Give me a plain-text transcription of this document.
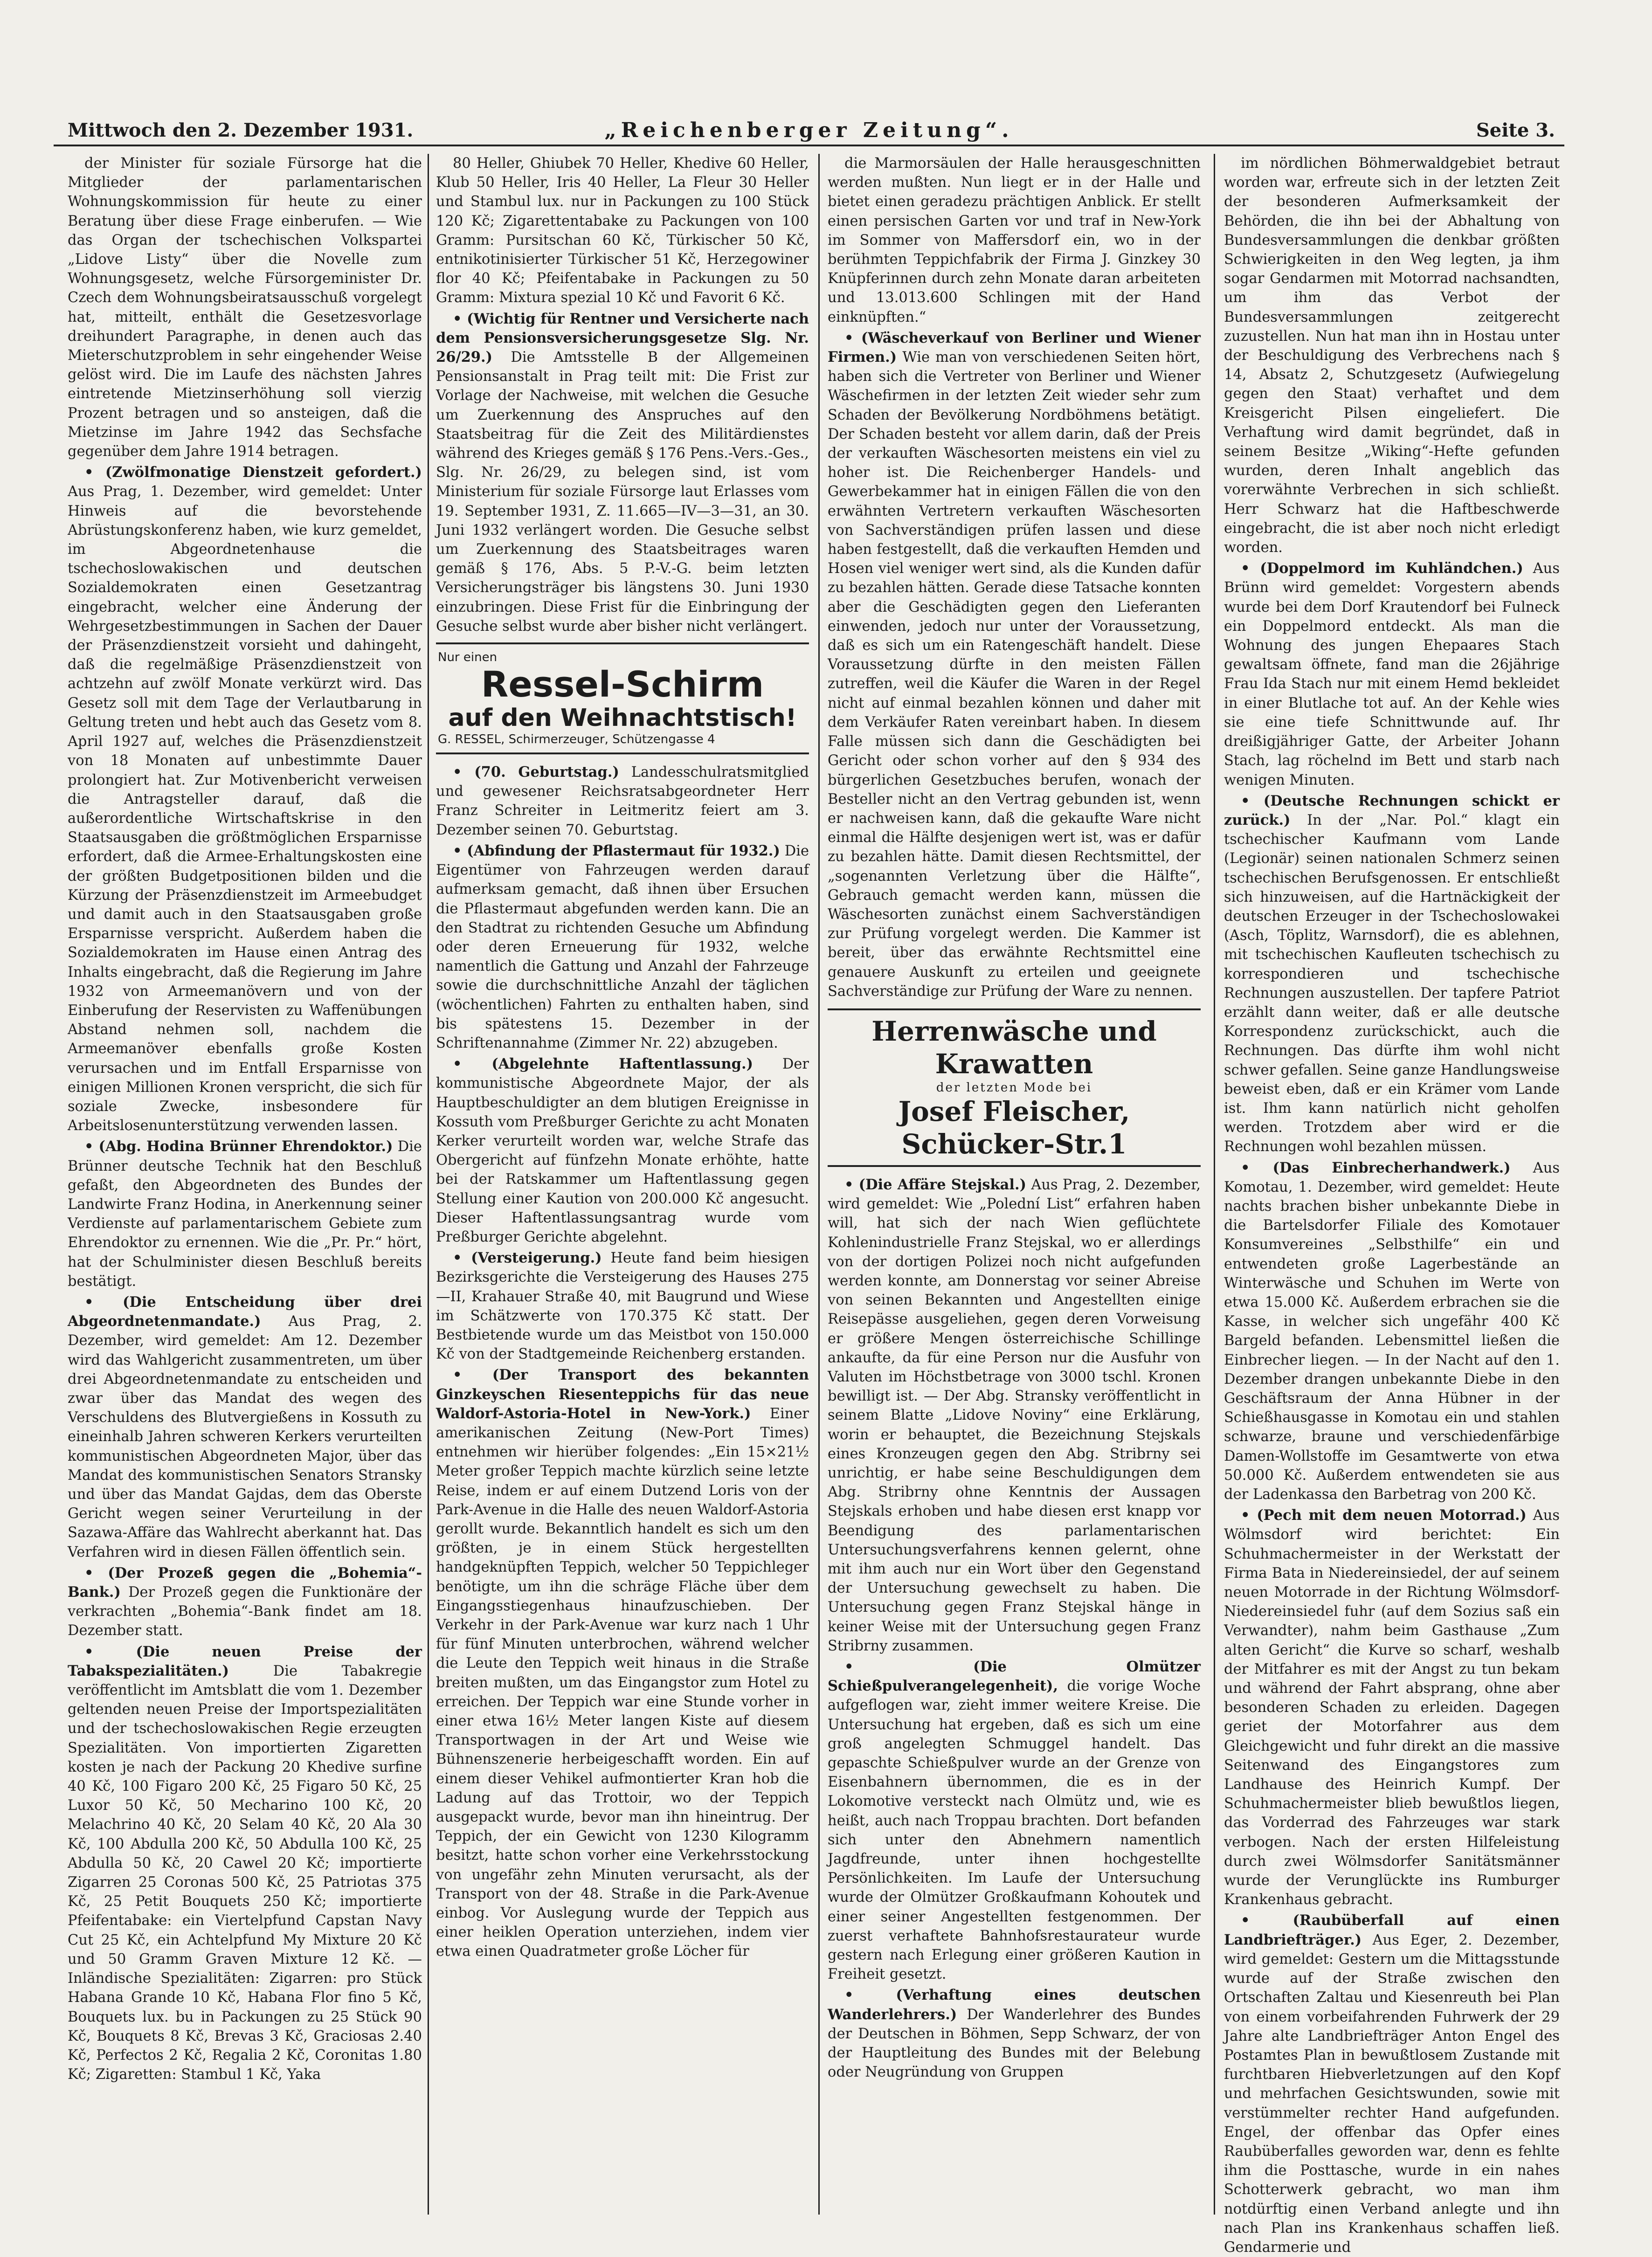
Mittwoch den 2. Dezember 1931.	„Reichenberger Zeitung“.	Seite 3.

der Minister für soziale Fürsorge hat die Mitglieder der parlamentarischen Wohnungskommission für heute zu einer Beratung über diese Frage einberufen. — Wie das Organ der tschechischen Volkspartei „Lidove Listy“ über die Novelle zum Wohnungsgesetz, welche Fürsorgeminister Dr. Czech dem Wohnungsbeiratsausschuß vorgelegt hat, mitteilt, enthält die Gesetzesvorlage dreihundert Paragraphe, in denen auch das Mieterschutzproblem in sehr eingehender Weise gelöst wird. Die im Laufe des nächsten Jahres eintretende Mietzinserhöhung soll vierzig Prozent betragen und so ansteigen, daß die Mietzinse im Jahre 1942 das Sechsfache gegenüber dem Jahre 1914 betragen.

• (Zwölfmonatige Dienstzeit gefordert.) Aus Prag, 1. Dezember, wird gemeldet: Unter Hinweis auf die bevorstehende Abrüstungskonferenz haben, wie kurz gemeldet, im Abgeordnetenhause die tschechoslowakischen und deutschen Sozialdemokraten einen Gesetzantrag eingebracht, welcher eine Änderung der Wehrgesetzbestimmungen in Sachen der Dauer der Präsenzdienstzeit vorsieht und dahingeht, daß die regelmäßige Präsenzdienstzeit von achtzehn auf zwölf Monate verkürzt wird. Das Gesetz soll mit dem Tage der Verlautbarung in Geltung treten und hebt auch das Gesetz vom 8. April 1927 auf, welches die Präsenzdienstzeit von 18 Monaten auf unbestimmte Dauer prolongiert hat. Zur Motivenbericht verweisen die Antragsteller darauf, daß die außerordentliche Wirtschaftskrise in den Staatsausgaben die größtmöglichen Ersparnisse erfordert, daß die Armee-Erhaltungskosten eine der größten Budgetpositionen bilden und die Kürzung der Präsenzdienstzeit im Armeebudget und damit auch in den Staatsausgaben große Ersparnisse verspricht. Außerdem haben die Sozialdemokraten im Hause einen Antrag des Inhalts eingebracht, daß die Regierung im Jahre 1932 von Armeemanövern und von der Einberufung der Reservisten zu Waffenübungen Abstand nehmen soll, nachdem die Armeemanöver ebenfalls große Kosten verursachen und im Entfall Ersparnisse von einigen Millionen Kronen verspricht, die sich für soziale Zwecke, insbesondere für Arbeitslosenunterstützung verwenden lassen.

• (Abg. Hodina Brünner Ehrendoktor.) Die Brünner deutsche Technik hat den Beschluß gefaßt, den Abgeordneten des Bundes der Landwirte Franz Hodina, in Anerkennung seiner Verdienste auf parlamentarischem Gebiete zum Ehrendoktor zu ernennen. Wie die „Pr. Pr.“ hört, hat der Schulminister diesen Beschluß bereits bestätigt.

• (Die Entscheidung über drei Abgeordnetenmandate.) Aus Prag, 2. Dezember, wird gemeldet: Am 12. Dezember wird das Wahlgericht zusammentreten, um über drei Abgeordnetenmandate zu entscheiden und zwar über das Mandat des wegen des Verschuldens des Blutvergießens in Kossuth zu eineinhalb Jahren schweren Kerkers verurteilten kommunistischen Abgeordneten Major, über das Mandat des kommunistischen Senators Stransky und über das Mandat Gajdas, dem das Oberste Gericht wegen seiner Verurteilung in der Sazawa-Affäre das Wahlrecht aberkannt hat. Das Verfahren wird in diesen Fällen öffentlich sein.

• (Der Prozeß gegen die „Bohemia“-Bank.) Der Prozeß gegen die Funktionäre der verkrachten „Bohemia“-Bank findet am 18. Dezember statt.

• (Die neuen Preise der Tabakspezialitäten.)	Die Tabakregie veröffentlicht im Amtsblatt die vom 1. Dezember geltenden neuen Preise der Importspezialitäten und der tschechoslowakischen Regie erzeugten Spezialitäten. Von importierten Zigaretten kosten je nach der Packung 20 Khedive surfine 40 Kč, 100 Figaro 200 Kč, 25 Figaro 50 Kč, 25 Luxor 50 Kč, 50 Mecharino 100 Kč, 20 Melachrino 40 Kč, 20 Selam 40 Kč, 20 Ala 30 Kč, 100 Abdulla 200 Kč, 50 Abdulla 100 Kč, 25 Abdulla 50 Kč, 20 Cawel 20 Kč; importierte Zigarren 25 Coronas 500 Kč, 25 Patriotas 375 Kč, 25 Petit Bouquets 250 Kč; importierte Pfeifentabake: ein Viertelpfund Capstan Navy Cut 25 Kč, ein Achtelpfund My Mixture 20 Kč und 50 Gramm Graven Mixture 12 Kč. — Inländische Spezialitäten: Zigarren: pro Stück Habana Grande 10 Kč, Habana Flor fino 5 Kč, Bouquets lux. bu in Packungen zu 25 Stück 90 Kč, Bouquets 8 Kč, Brevas 3 Kč, Graciosas 2.40 Kč, Perfectos 2 Kč, Regalia 2 Kč, Coronitas 1.80 Kč; Zigaretten: Stambul 1 Kč, Yaka

80 Heller, Ghiubek 70 Heller, Khedive 60 Heller, Klub 50 Heller, Iris 40 Heller, La Fleur 30 Heller und Stambul lux. nur in Packungen zu 100 Stück 120 Kč; Zigarettentabake zu Packungen von 100 Gramm: Pursitschan 60 Kč, Türkischer 50 Kč, entnikotinisierter Türkischer 51 Kč, Herzegowiner flor 40 Kč; Pfeifentabake in Packungen zu 50 Gramm: Mixtura spezial 10 Kč und Favorit 6 Kč.

• (Wichtig für Rentner und Versicherte nach dem Pensionsversicherungsgesetze Slg. Nr. 26/29.) Die Amtsstelle B der Allgemeinen Pensionsanstalt in Prag teilt mit: Die Frist zur Vorlage der Nachweise, mit welchen die Gesuche um Zuerkennung des Anspruches auf den Staatsbeitrag für die Zeit des Militärdienstes während des Krieges gemäß § 176 Pens.-Vers.-Ges., Slg. Nr. 26/29, zu belegen sind, ist vom Ministerium für soziale Fürsorge laut Erlasses vom 19. September 1931, Z. 11.665—IV—3—31, an 30. Juni 1932 verlängert worden. Die Gesuche selbst um Zuerkennung des Staatsbeitrages waren gemäß § 176, Abs. 5 P.-V.-G. beim letzten Versicherungsträger bis längstens 30. Juni 1930 einzubringen. Diese Frist für die Einbringung der Gesuche selbst wurde aber bisher nicht verlängert.

Nur einen
Ressel-Schirm
auf den Weihnachtstisch!
G. RESSEL, Schirmerzeuger, Schützengasse 4

• (70. Geburtstag.) Landesschulratsmitglied und gewesener Reichsratsabgeordneter Herr Franz Schreiter in Leitmeritz feiert am 3. Dezember seinen 70. Geburtstag.

• (Abfindung der Pflastermaut für 1932.) Die Eigentümer von Fahrzeugen werden darauf aufmerksam gemacht, daß ihnen über Ersuchen die Pflastermaut abgefunden werden kann. Die an den Stadtrat zu richtenden Gesuche um Abfindung oder deren Erneuerung für 1932, welche namentlich die Gattung und Anzahl der Fahrzeuge sowie die durchschnittliche Anzahl der täglichen (wöchentlichen) Fahrten zu enthalten haben, sind bis spätestens 15. Dezember in der Schriftenannahme (Zimmer Nr. 22) abzugeben.

• (Abgelehnte Haftentlassung.) Der kommunistische Abgeordnete Major, der als Hauptbeschuldigter an dem blutigen Ereignisse in Kossuth vom Preßburger Gerichte zu acht Monaten Kerker verurteilt worden war, welche Strafe das Obergericht auf fünfzehn Monate erhöhte, hatte bei der Ratskammer um Haftentlassung gegen Stellung einer Kaution von 200.000 Kč angesucht. Dieser Haftentlassungsantrag wurde vom Preßburger Gerichte abgelehnt.

• (Versteigerung.) Heute fand beim hiesigen Bezirksgerichte die Versteigerung des Hauses 275—II, Krahauer Straße 40, mit Baugrund und Wiese im Schätzwerte von 170.375 Kč statt. Der Bestbietende wurde um das Meistbot von 150.000 Kč von der Stadtgemeinde Reichenberg erstanden.

• (Der Transport des bekannten Ginzkeyschen Riesenteppichs für das neue Waldorf-Astoria-Hotel in New-York.) Einer amerikanischen Zeitung (New-Port Times) entnehmen wir hierüber folgendes: „Ein 15×21½ Meter großer Teppich machte kürzlich seine letzte Reise, indem er auf einem Dutzend Loris von der Park-Avenue in die Halle des neuen Waldorf-Astoria gerollt wurde. Bekanntlich handelt es sich um den größten, je in einem Stück hergestellten handgeknüpften Teppich, welcher 50 Teppichleger benötigte, um ihn die schräge Fläche über dem Eingangsstiegenhaus hinaufzuschieben. Der Verkehr in der Park-Avenue war kurz nach 1 Uhr für fünf Minuten unterbrochen, während welcher die Leute den Teppich weit hinaus in die Straße breiten mußten, um das Eingangstor zum Hotel zu erreichen. Der Teppich war eine Stunde vorher in einer etwa 16½ Meter langen Kiste auf diesem Transportwagen in der Art und Weise wie Bühnenszenerie herbeigeschafft worden. Ein auf einem dieser Vehikel aufmontierter Kran hob die Ladung auf das Trottoir, wo der Teppich ausgepackt wurde, bevor man ihn hineintrug. Der Teppich, der ein Gewicht von 1230 Kilogramm besitzt, hatte schon vorher eine Verkehrsstockung von ungefähr zehn Minuten verursacht, als der Transport von der 48. Straße in die Park-Avenue einbog. Vor Auslegung wurde der Teppich aus einer heiklen Operation unterziehen, indem vier etwa einen Quadratmeter große Löcher für

die Marmorsäulen der Halle herausgeschnitten werden mußten. Nun liegt er in der Halle und bietet einen geradezu prächtigen Anblick. Er stellt einen persischen Garten vor und traf in New-York im Sommer von Maffersdorf ein, wo in der berühmten Teppichfabrik der Firma J. Ginzkey 30 Knüpferinnen durch zehn Monate daran arbeiteten und 13.013.600 Schlingen mit der Hand einknüpften.“

• (Wäscheverkauf von Berliner und Wiener Firmen.) Wie man von verschiedenen Seiten hört, haben sich die Vertreter von Berliner und Wiener Wäschefirmen in der letzten Zeit wieder sehr zum Schaden der Bevölkerung Nordböhmens betätigt. Der Schaden besteht vor allem darin, daß der Preis der verkauften Wäschesorten meistens ein viel zu hoher ist. Die Reichenberger Handels- und Gewerbekammer hat in einigen Fällen die von den erwähnten Vertretern verkauften Wäschesorten von Sachverständigen prüfen lassen und diese haben festgestellt, daß die verkauften Hemden und Hosen viel weniger wert sind, als die Kunden dafür zu bezahlen hätten. Gerade diese Tatsache konnten aber die Geschädigten gegen den Lieferanten einwenden, jedoch nur unter der Voraussetzung, daß es sich um ein Ratengeschäft handelt. Diese Voraussetzung dürfte in den meisten Fällen zutreffen, weil die Käufer die Waren in der Regel nicht auf einmal bezahlen können und daher mit dem Verkäufer Raten vereinbart haben. In diesem Falle müssen sich dann die Geschädigten bei Gericht oder schon vorher auf den § 934 des bürgerlichen Gesetzbuches berufen, wonach der Besteller nicht an den Vertrag gebunden ist, wenn er nachweisen kann, daß die gekaufte Ware nicht einmal die Hälfte desjenigen wert ist, was er dafür zu bezahlen hätte. Damit diesen Rechtsmittel, der „sogenannten Verletzung über die Hälfte“, Gebrauch gemacht werden kann, müssen die Wäschesorten zunächst einem Sachverständigen zur Prüfung vorgelegt werden. Die Kammer ist bereit, über das erwähnte Rechtsmittel eine genauere Auskunft zu erteilen und geeignete Sachverständige zur Prüfung der Ware zu nennen.

Herrenwäsche und Krawatten
der letzten Mode bei
Josef Fleischer, Schücker-Str.1

• (Die Affäre Stejskal.) Aus Prag, 2. Dezember, wird gemeldet: Wie „Polední List“ erfahren haben will, hat sich der nach Wien geflüchtete Kohlenindustrielle Franz Stejskal, wo er allerdings von der dortigen Polizei noch nicht aufgefunden werden konnte, am Donnerstag vor seiner Abreise von seinen Bekannten und Angestellten einige Reisepässe ausgeliehen, gegen deren Vorweisung er größere Mengen österreichische Schillinge ankaufte, da für eine Person nur die Ausfuhr von Valuten im Höchstbetrage von 3000 tschl. Kronen bewilligt ist. — Der Abg. Stransky veröffentlicht in seinem Blatte „Lidove Noviny“ eine Erklärung, worin er behauptet, die Bezeichnung Stejskals eines Kronzeugen gegen den Abg. Stribrny sei unrichtig, er habe seine Beschuldigungen dem Abg. Stribrny ohne Kenntnis der Aussagen Stejskals erhoben und habe diesen erst knapp vor Beendigung des parlamentarischen Untersuchungsverfahrens kennen gelernt, ohne mit ihm auch nur ein Wort über den Gegenstand der Untersuchung gewechselt zu haben. Die Untersuchung gegen Franz Stejskal hänge in keiner Weise mit der Untersuchung gegen Franz Stribrny zusammen.

• (Die Olmützer Schießpulverangelegenheit), die vorige Woche aufgeflogen war, zieht immer weitere Kreise. Die Untersuchung hat ergeben, daß es sich um eine groß angelegten Schmuggel handelt. Das gepaschte Schießpulver wurde an der Grenze von Eisenbahnern übernommen, die es in der Lokomotive versteckt nach Olmütz und, wie es heißt, auch nach Troppau brachten. Dort befanden sich unter den Abnehmern namentlich Jagdfreunde, unter ihnen hochgestellte Persönlichkeiten. Im Laufe der Untersuchung wurde der Olmützer Großkaufmann Kohoutek und einer seiner Angestellten festgenommen. Der zuerst verhaftete Bahnhofsrestaurateur wurde gestern nach Erlegung einer größeren Kaution in Freiheit gesetzt.

• (Verhaftung eines deutschen Wanderlehrers.) Der Wanderlehrer des Bundes der Deutschen in Böhmen, Sepp Schwarz, der von der Hauptleitung des Bundes mit der Belebung oder Neugründung von Gruppen

im nördlichen Böhmerwaldgebiet betraut worden war, erfreute sich in der letzten Zeit der besonderen Aufmerksamkeit der Behörden, die ihn bei der Abhaltung von Bundesversammlungen die denkbar größten Schwierigkeiten in den Weg legten, ja ihm sogar Gendarmen mit Motorrad nachsandten, um ihm das Verbot der Bundesversammlungen zeitgerecht zuzustellen. Nun hat man ihn in Hostau unter der Beschuldigung des Verbrechens nach § 14, Absatz 2, Schutzgesetz (Aufwiegelung gegen den Staat) verhaftet und dem Kreisgericht Pilsen eingeliefert. Die Verhaftung wird damit begründet, daß in seinem Besitze „Wiking“-Hefte gefunden wurden, deren Inhalt angeblich das vorerwähnte Verbrechen in sich schließt. Herr Schwarz hat die Haftbeschwerde eingebracht, die ist aber noch nicht erledigt worden.

• (Doppelmord im Kuhländchen.) Aus Brünn wird gemeldet: Vorgestern abends wurde bei dem Dorf Krautendorf bei Fulneck ein Doppelmord entdeckt. Als man die Wohnung des jungen Ehepaares Stach gewaltsam öffnete, fand man die 26jährige Frau Ida Stach nur mit einem Hemd bekleidet in einer Blutlache tot auf. An der Kehle wies sie eine tiefe Schnittwunde auf. Ihr dreißigjähriger Gatte, der Arbeiter Johann Stach, lag röchelnd im Bett und starb nach wenigen Minuten.

• (Deutsche Rechnungen schickt er zurück.) In der „Nar. Pol.“ klagt ein tschechischer Kaufmann vom Lande (Legionär) seinen nationalen Schmerz seinen tschechischen Berufsgenossen. Er entschließt sich hinzuweisen, auf die Hartnäckigkeit der deutschen Erzeuger in der Tschechoslowakei (Asch, Töplitz, Warnsdorf), die es ablehnen, mit tschechischen Kaufleuten tschechisch zu korrespondieren und tschechische Rechnungen auszustellen. Der tapfere Patriot erzählt dann weiter, daß er alle deutsche Korrespondenz zurückschickt, auch die Rechnungen. Das dürfte ihm wohl nicht schwer gefallen. Seine ganze Handlungsweise beweist eben, daß er ein Krämer vom Lande ist. Ihm kann natürlich nicht geholfen werden. Trotzdem aber wird er die Rechnungen wohl bezahlen müssen.

• (Das Einbrecherhandwerk.) Aus Komotau, 1. Dezember, wird gemeldet: Heute nachts brachen bisher unbekannte Diebe in die Bartelsdorfer Filiale des Komotauer Konsumvereines „Selbsthilfe“ ein und entwendeten große Lagerbestände an Winterwäsche und Schuhen im Werte von etwa 15.000 Kč. Außerdem erbrachen sie die Kasse, in welcher sich ungefähr 400 Kč Bargeld befanden. Lebensmittel ließen die Einbrecher liegen. — In der Nacht auf den 1. Dezember drangen unbekannte Diebe in den Geschäftsraum der Anna Hübner in der Schießhausgasse in Komotau ein und stahlen schwarze, braune und verschiedenfärbige Damen-Wollstoffe im Gesamtwerte von etwa 50.000 Kč. Außerdem entwendeten sie aus der Ladenkassa den Barbetrag von 200 Kč.

• (Pech mit dem neuen Motorrad.) Aus Wölmsdorf wird berichtet: Ein Schuhmachermeister in der Werkstatt der Firma Bata in Niedereinsiedel, der auf seinem neuen Motorrade in der Richtung Wölmsdorf-Niedereinsiedel fuhr (auf dem Sozius saß ein Verwandter), nahm beim Gasthause „Zum alten Gericht“ die Kurve so scharf, weshalb der Mitfahrer es mit der Angst zu tun bekam und während der Fahrt absprang, ohne aber besonderen Schaden zu erleiden. Dagegen geriet der Motorfahrer aus dem Gleichgewicht und fuhr direkt an die massive Seitenwand des Eingangstores zum Landhause des Heinrich Kumpf. Der Schuhmachermeister blieb bewußtlos liegen, das Vorderrad des Fahrzeuges war stark verbogen. Nach der ersten Hilfeleistung durch zwei Wölmsdorfer Sanitätsmänner wurde der Verunglückte ins Rumburger Krankenhaus gebracht.

• (Raubüberfall auf einen Landbriefträger.) Aus Eger, 2. Dezember, wird gemeldet: Gestern um die Mittagsstunde wurde auf der Straße zwischen den Ortschaften Zaltau und Kiesenreuth bei Plan von einem vorbeifahrenden Fuhrwerk der 29 Jahre alte Landbriefträger Anton Engel des Postamtes Plan in bewußtlosem Zustande mit furchtbaren Hiebverletzungen auf den Kopf und mehrfachen Gesichtswunden, sowie mit verstümmelter rechter Hand aufgefunden. Engel, der offenbar das Opfer eines Raubüberfalles geworden war, denn es fehlte ihm die Posttasche, wurde in ein nahes Schotterwerk gebracht, wo man ihm notdürftig einen Verband anlegte und ihn nach Plan ins Krankenhaus schaffen ließ. Gendarmerie und
